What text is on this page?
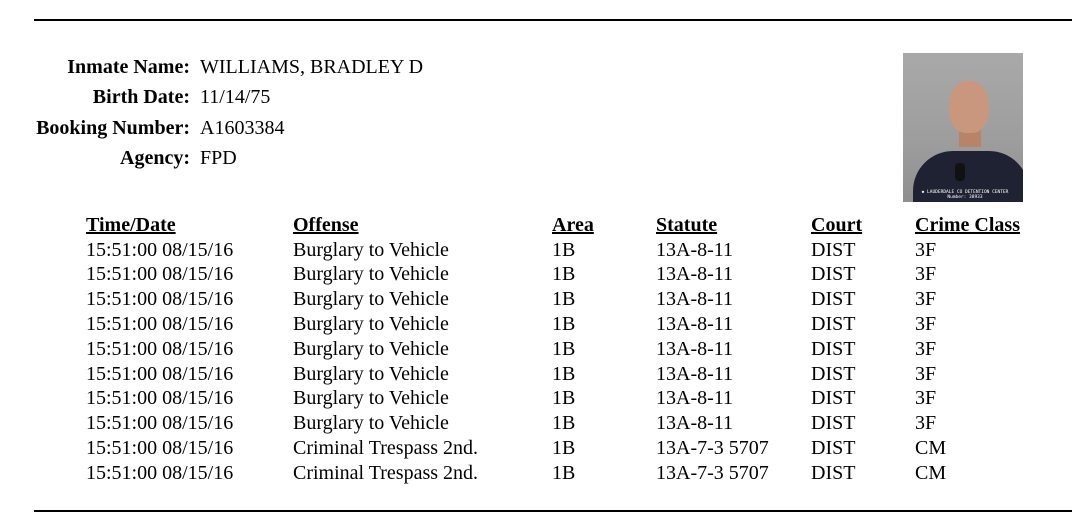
Inmate Name: WILLIAMS, BRADLEY D
Birth Date: 11/14/75
Booking Number: A1603384
Agency: FPD
◆ LAUDERDALE CO DETENTION CENTER
Number: 38933
Time/Date	Offense	Area	Statute	Court	Crime Class
15:51:00 08/15/16	Burglary to Vehicle	1B	13A-8-11	DIST	3F
15:51:00 08/15/16	Burglary to Vehicle	1B	13A-8-11	DIST	3F
15:51:00 08/15/16	Burglary to Vehicle	1B	13A-8-11	DIST	3F
15:51:00 08/15/16	Burglary to Vehicle	1B	13A-8-11	DIST	3F
15:51:00 08/15/16	Burglary to Vehicle	1B	13A-8-11	DIST	3F
15:51:00 08/15/16	Burglary to Vehicle	1B	13A-8-11	DIST	3F
15:51:00 08/15/16	Burglary to Vehicle	1B	13A-8-11	DIST	3F
15:51:00 08/15/16	Burglary to Vehicle	1B	13A-8-11	DIST	3F
15:51:00 08/15/16	Criminal Trespass 2nd.	1B	13A-7-3 5707	DIST	CM
15:51:00 08/15/16	Criminal Trespass 2nd.	1B	13A-7-3 5707	DIST	CM
